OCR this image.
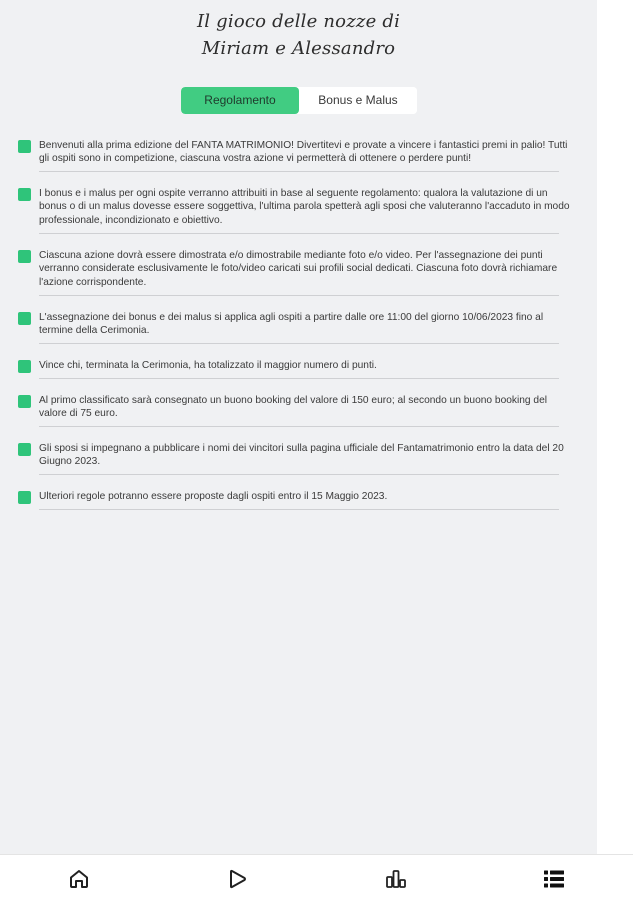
Il gioco delle nozze di
Miriam e Alessandro
Regolamento	Bonus e Malus
Benvenuti alla prima edizione del FANTA MATRIMONIO! Divertitevi e provate a vincere i fantastici premi in palio! Tutti gli ospiti sono in competizione, ciascuna vostra azione vi permetterà di ottenere o perdere punti!
I bonus e i malus per ogni ospite verranno attribuiti in base al seguente regolamento: qualora la valutazione di un bonus o di un malus dovesse essere soggettiva, l'ultima parola spetterà agli sposi che valuteranno l'accaduto in modo professionale, incondizionato e obiettivo.
Ciascuna azione dovrà essere dimostrata e/o dimostrabile mediante foto e/o video. Per l'assegnazione dei punti verranno considerate esclusivamente le foto/video caricati sui profili social dedicati. Ciascuna foto dovrà richiamare l'azione corrispondente.
L'assegnazione dei bonus e dei malus si applica agli ospiti a partire dalle ore 11:00 del giorno 10/06/2023 fino al termine della Cerimonia.
Vince chi, terminata la Cerimonia, ha totalizzato il maggior numero di punti.
Al primo classificato sarà consegnato un buono booking del valore di 150 euro; al secondo un buono booking del valore di 75 euro.
Gli sposi si impegnano a pubblicare i nomi dei vincitori sulla pagina ufficiale del Fantamatrimonio entro la data del 20 Giugno 2023.
Ulteriori regole potranno essere proposte dagli ospiti entro il 15 Maggio 2023.
